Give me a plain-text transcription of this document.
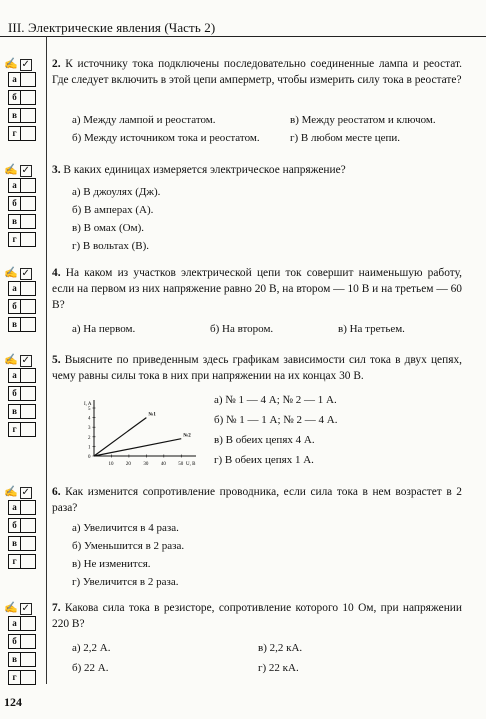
III. Электрические явления (Часть 2)
✍ ✓
а
б
в
г
2. К источнику тока подключены последовательно соединенные лампа и реостат. Где следует включить в этой цепи амперметр, чтобы измерить силу тока в реостате?
а) Между лампой и реостатом.	в) Между реостатом и ключом.
б) Между источником тока и реостатом.	г) В любом месте цепи.
✍ ✓
а
б
в
г
3. В каких единицах измеряется электрическое напряжение?
а) В джоулях (Дж).
б) В амперах (А).
в) В омах (Ом).
г) В вольтах (В).
✍ ✓
а
б
в
4. На каком из участков электрической цепи ток совершит наименьшую работу, если на первом из них напряжение равно 20 В, на втором — 10 В и на третьем — 60 В?
а) На первом.	б) На втором.	в) На третьем.
✍ ✓
а
б
в
г
5. Выясните по приведенным здесь графикам зависимости сил тока в двух цепях, чему равны силы тока в них при напряжении на их концах 30 В.
а) № 1 — 4 А; № 2 — 1 А.
б) № 1 — 1 А; № 2 — 4 А.
в) В обеих цепях 4 А.
г) В обеих цепях 1 А.
I, A
U, B
5
4
3
2
1
0
10 20 30 40 50
№1
№2
✍ ✓
а
б
в
г
6. Как изменится сопротивление проводника, если сила тока в нем возрастет в 2 раза?
а) Увеличится в 4 раза.
б) Уменьшится в 2 раза.
в) Не изменится.
г) Увеличится в 2 раза.
✍ ✓
а
б
в
г
7. Какова сила тока в резисторе, сопротивление которого 10 Ом, при напряжении 220 В?
а) 2,2 А.	в) 2,2 кА.
б) 22 А.	г) 22 кА.
124
